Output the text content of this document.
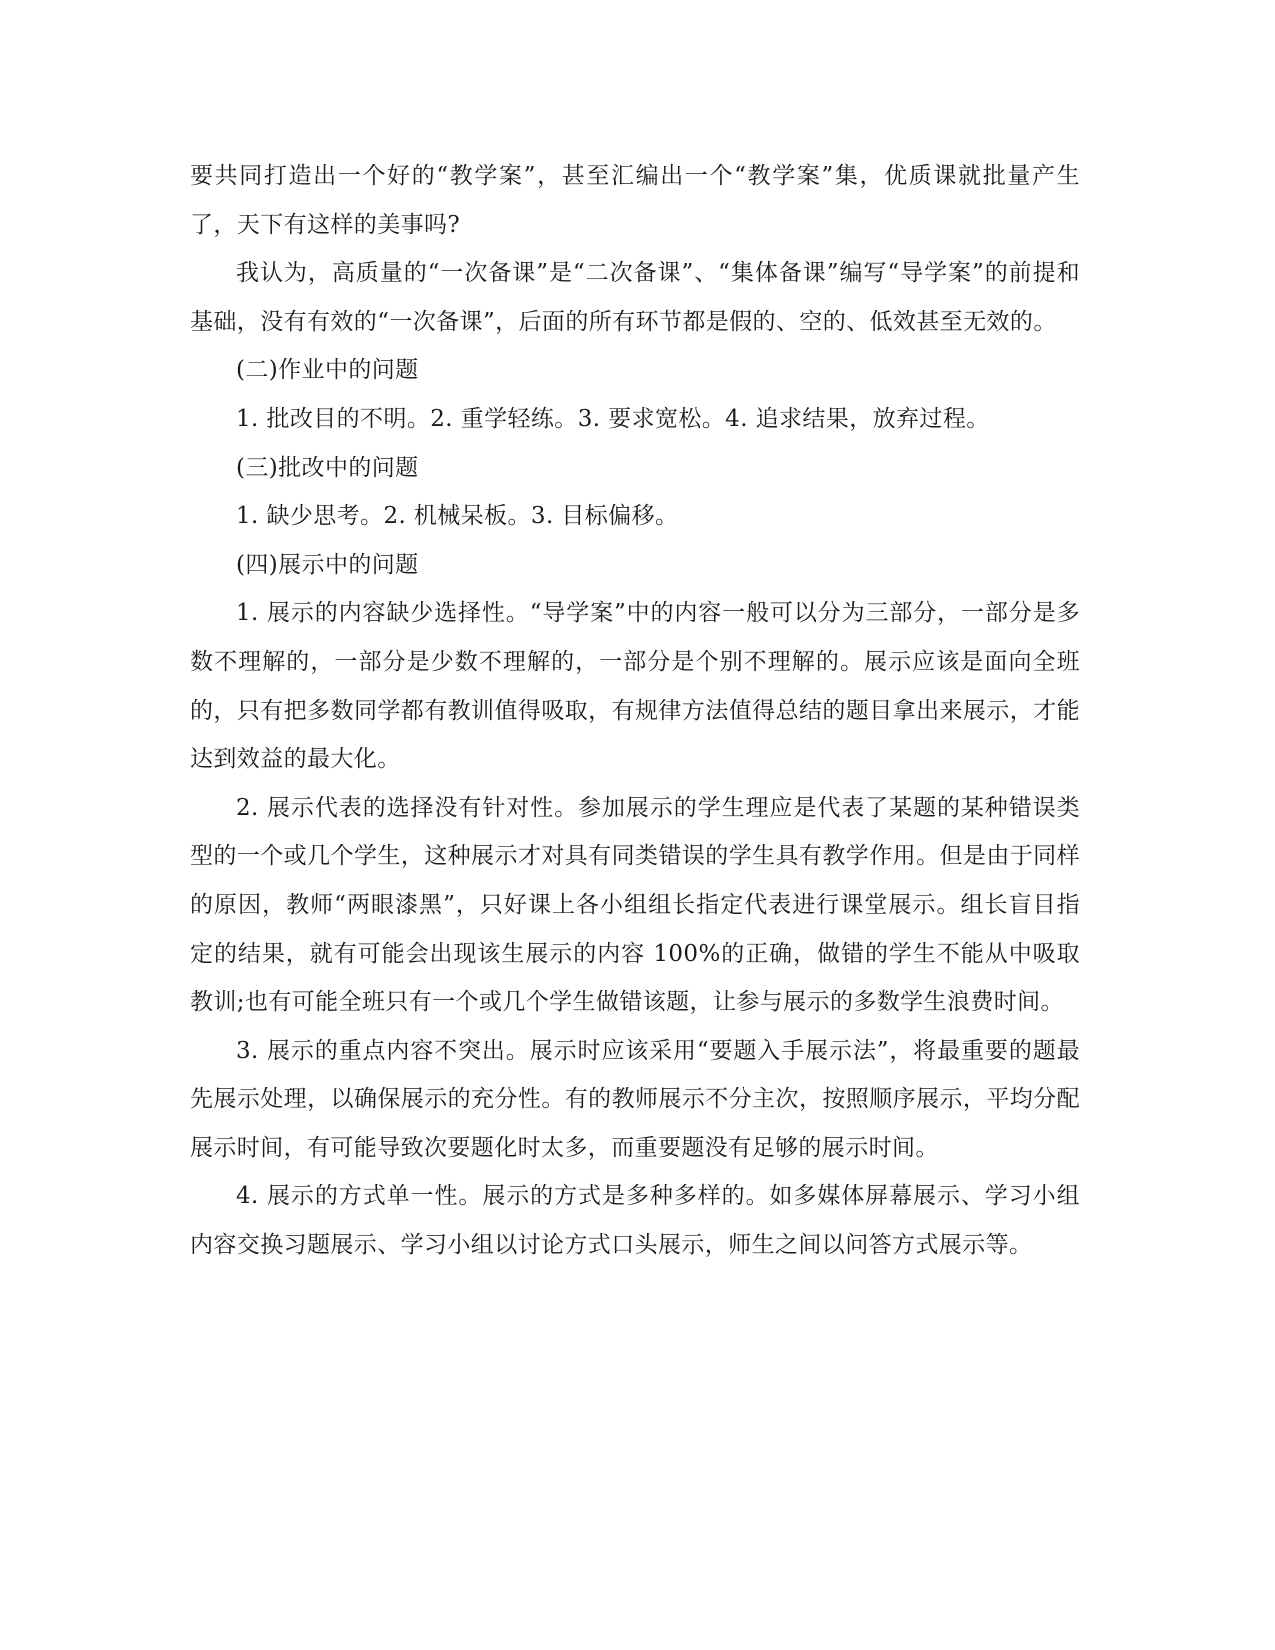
要共同打造出一个好的“教学案”，甚至汇编出一个“教学案”集，优质课就批量产生了，天下有这样的美事吗?

我认为，高质量的“一次备课”是“二次备课”、“集体备课”编写“导学案”的前提和基础，没有有效的“一次备课”，后面的所有环节都是假的、空的、低效甚至无效的。

(二)作业中的问题

1. 批改目的不明。2. 重学轻练。3. 要求宽松。4. 追求结果，放弃过程。

(三)批改中的问题

1. 缺少思考。2. 机械呆板。3. 目标偏移。

(四)展示中的问题

1. 展示的内容缺少选择性。“导学案”中的内容一般可以分为三部分，一部分是多数不理解的，一部分是少数不理解的，一部分是个别不理解的。展示应该是面向全班的，只有把多数同学都有教训值得吸取，有规律方法值得总结的题目拿出来展示，才能达到效益的最大化。

2. 展示代表的选择没有针对性。参加展示的学生理应是代表了某题的某种错误类型的一个或几个学生，这种展示才对具有同类错误的学生具有教学作用。但是由于同样的原因，教师“两眼漆黑”，只好课上各小组组长指定代表进行课堂展示。组长盲目指定的结果，就有可能会出现该生展示的内容 100%的正确，做错的学生不能从中吸取教训;也有可能全班只有一个或几个学生做错该题，让参与展示的多数学生浪费时间。

3. 展示的重点内容不突出。展示时应该采用“要题入手展示法”，将最重要的题最先展示处理，以确保展示的充分性。有的教师展示不分主次，按照顺序展示，平均分配展示时间，有可能导致次要题化时太多，而重要题没有足够的展示时间。

4. 展示的方式单一性。展示的方式是多种多样的。如多媒体屏幕展示、学习小组内容交换习题展示、学习小组以讨论方式口头展示，师生之间以问答方式展示等。
